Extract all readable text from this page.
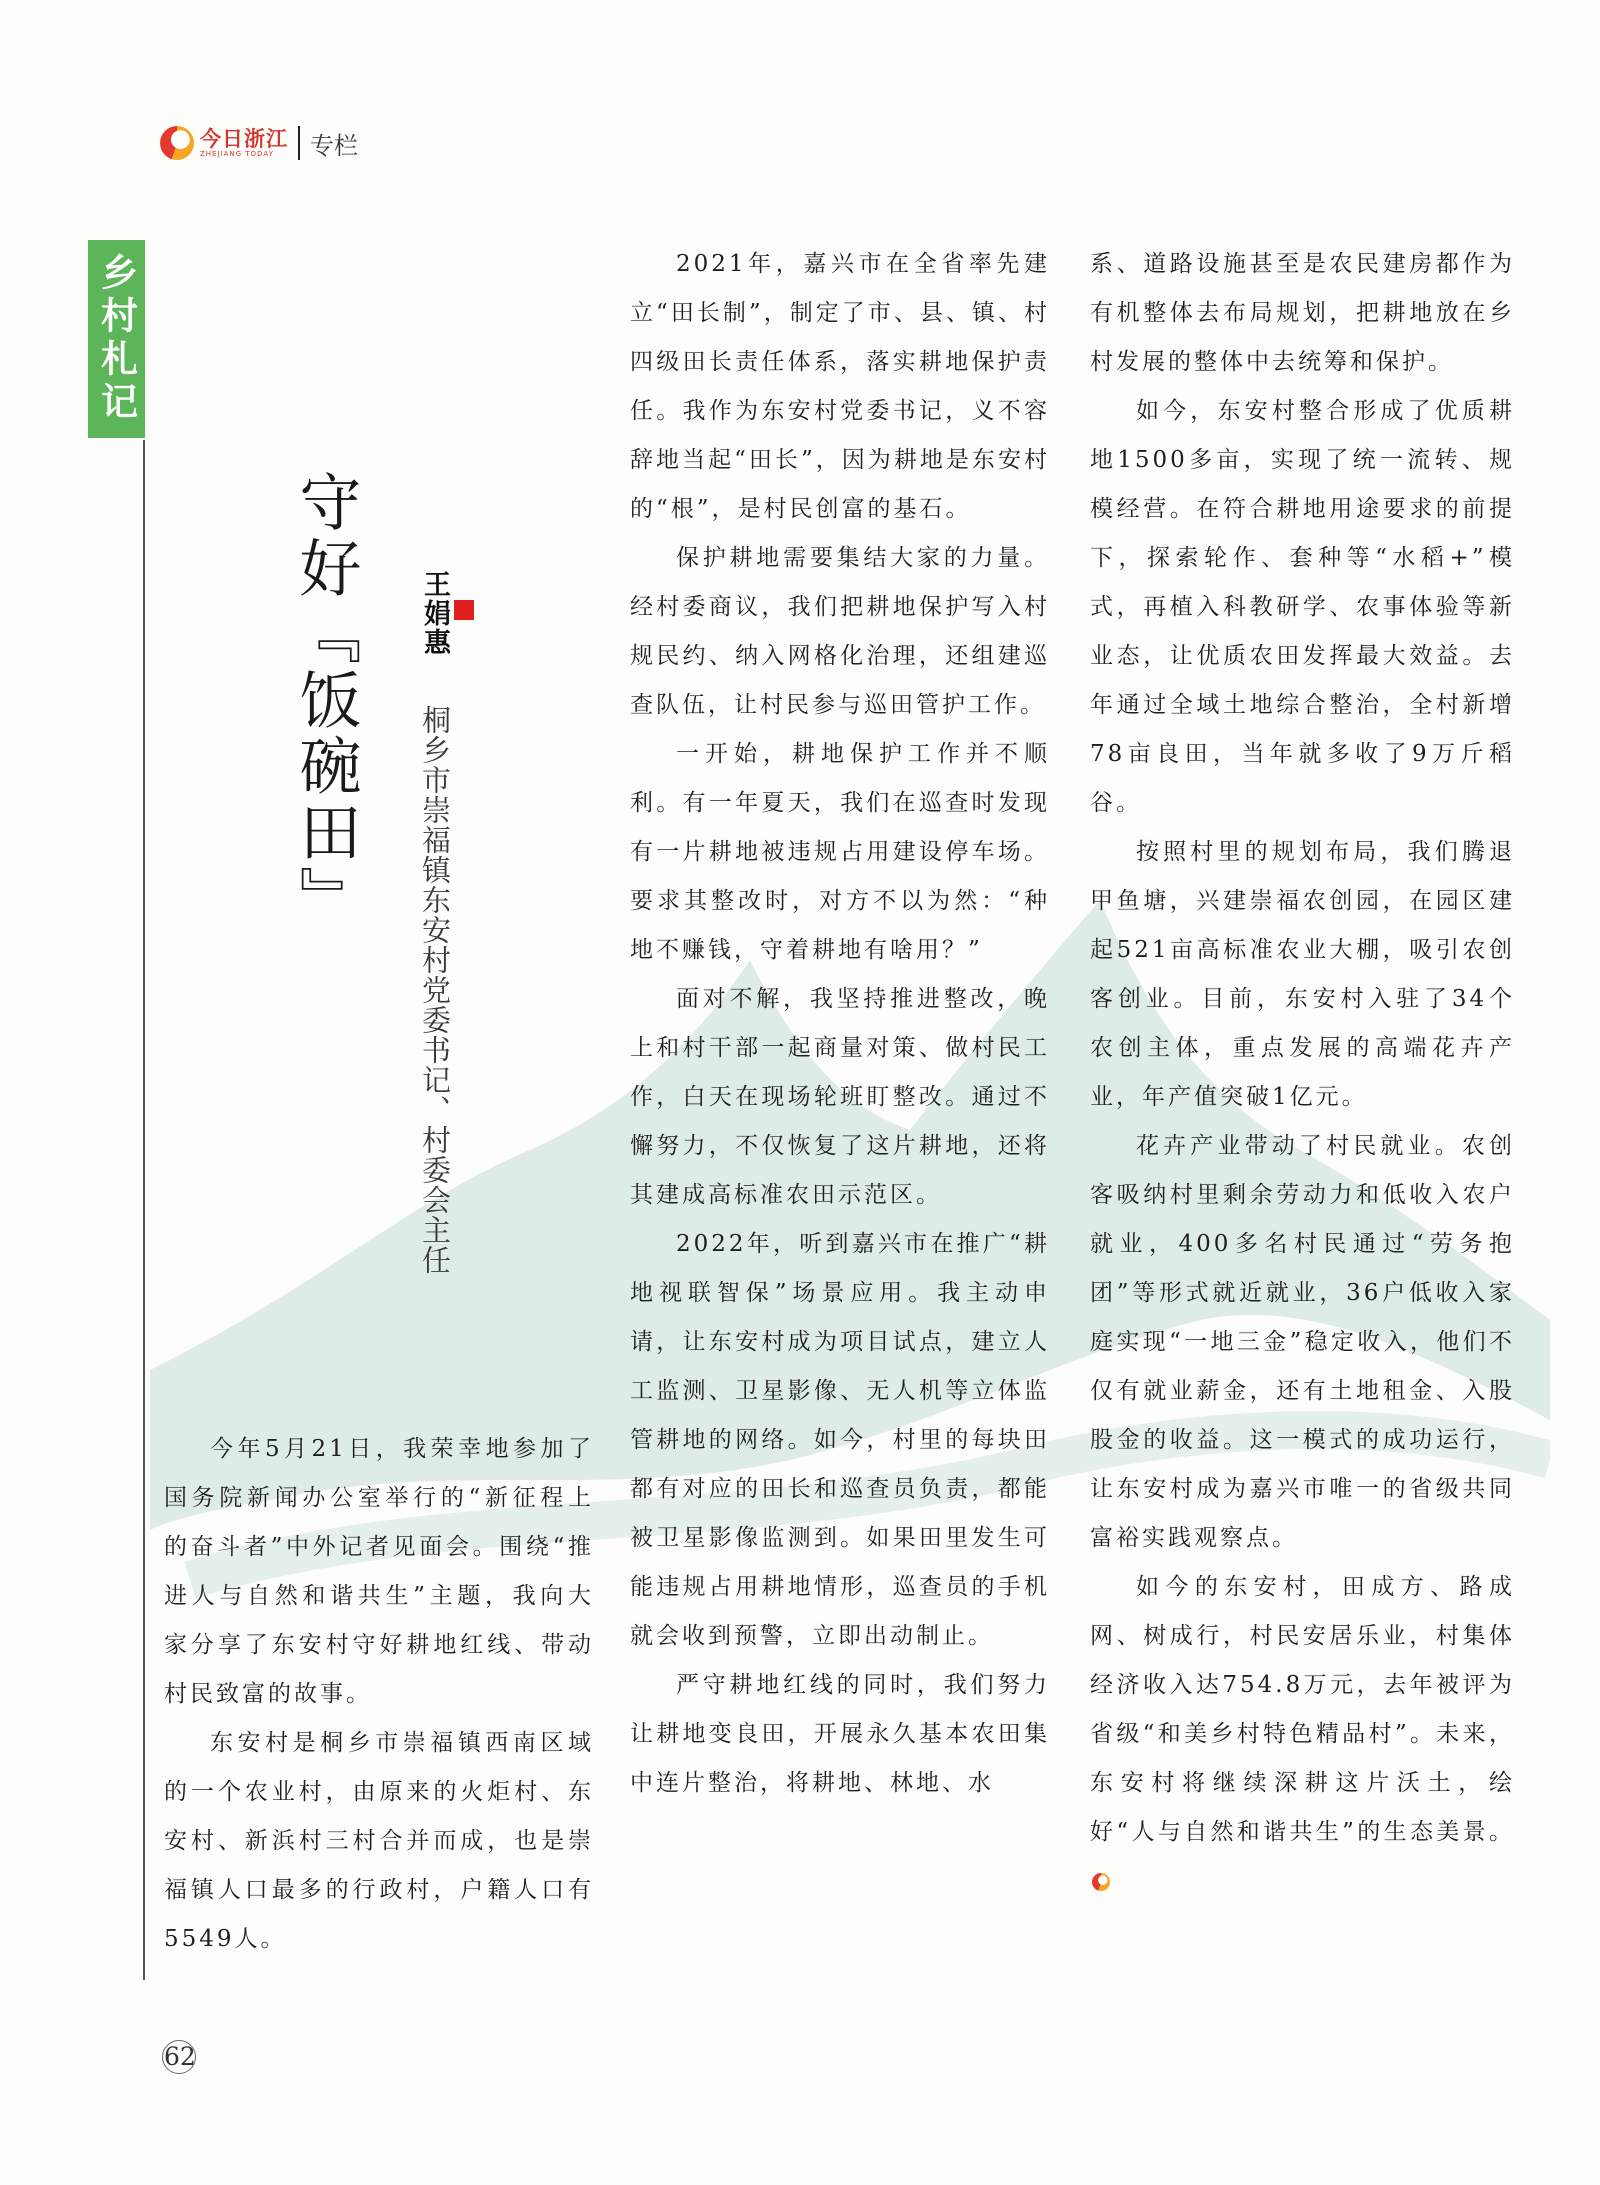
今日浙江
ZHEJIANG TODAY	专栏
乡村札记
守好『饭碗田』 王娟惠
桐乡市崇福镇东安村党委书记、村委会主任

今年5月21日，我荣幸地参加了国务院新闻办公室举行的“新征程上的奋斗者”中外记者见面会。围绕“推进人与自然和谐共生”主题，我向大家分享了东安村守好耕地红线、带动村民致富的故事。

东安村是桐乡市崇福镇西南区域的一个农业村，由原来的火炬村、东安村、新浜村三村合并而成，也是崇福镇人口最多的行政村，户籍人口有5549人。

2021年，嘉兴市在全省率先建立“田长制”，制定了市、县、镇、村四级田长责任体系，落实耕地保护责任。我作为东安村党委书记，义不容辞地当起“田长”，因为耕地是东安村的“根”，是村民创富的基石。

保护耕地需要集结大家的力量。经村委商议，我们把耕地保护写入村规民约、纳入网格化治理，还组建巡查队伍，让村民参与巡田管护工作。

一开始，耕地保护工作并不顺利。有一年夏天，我们在巡查时发现有一片耕地被违规占用建设停车场。要求其整改时，对方不以为然：“种地不赚钱，守着耕地有啥用？”

面对不解，我坚持推进整改，晚上和村干部一起商量对策、做村民工作，白天在现场轮班盯整改。通过不懈努力，不仅恢复了这片耕地，还将其建成高标准农田示范区。

2022年，听到嘉兴市在推广“耕地视联智保”场景应用。我主动申请，让东安村成为项目试点，建立人工监测、卫星影像、无人机等立体监管耕地的网络。如今，村里的每块田都有对应的田长和巡查员负责，都能被卫星影像监测到。如果田里发生可能违规占用耕地情形，巡查员的手机就会收到预警，立即出动制止。

严守耕地红线的同时，我们努力让耕地变良田，开展永久基本农田集中连片整治，将耕地、林地、水

系、道路设施甚至是农民建房都作为有机整体去布局规划，把耕地放在乡村发展的整体中去统筹和保护。

如今，东安村整合形成了优质耕地1500多亩，实现了统一流转、规模经营。在符合耕地用途要求的前提下，探索轮作、套种等“水稻+”模式，再植入科教研学、农事体验等新业态，让优质农田发挥最大效益。去年通过全域土地综合整治，全村新增78亩良田，当年就多收了9万斤稻谷。

按照村里的规划布局，我们腾退甲鱼塘，兴建崇福农创园，在园区建起521亩高标准农业大棚，吸引农创客创业。目前，东安村入驻了34个农创主体，重点发展的高端花卉产业，年产值突破1亿元。

花卉产业带动了村民就业。农创客吸纳村里剩余劳动力和低收入农户就业，400多名村民通过“劳务抱团”等形式就近就业，36户低收入家庭实现“一地三金”稳定收入，他们不仅有就业薪金，还有土地租金、入股股金的收益。这一模式的成功运行，让东安村成为嘉兴市唯一的省级共同富裕实践观察点。

如今的东安村，田成方、路成网、树成行，村民安居乐业，村集体经济收入达754.8万元，去年被评为省级“和美乡村特色精品村”。未来，东安村将继续深耕这片沃土，绘好“人与自然和谐共生”的生态美景。

62
